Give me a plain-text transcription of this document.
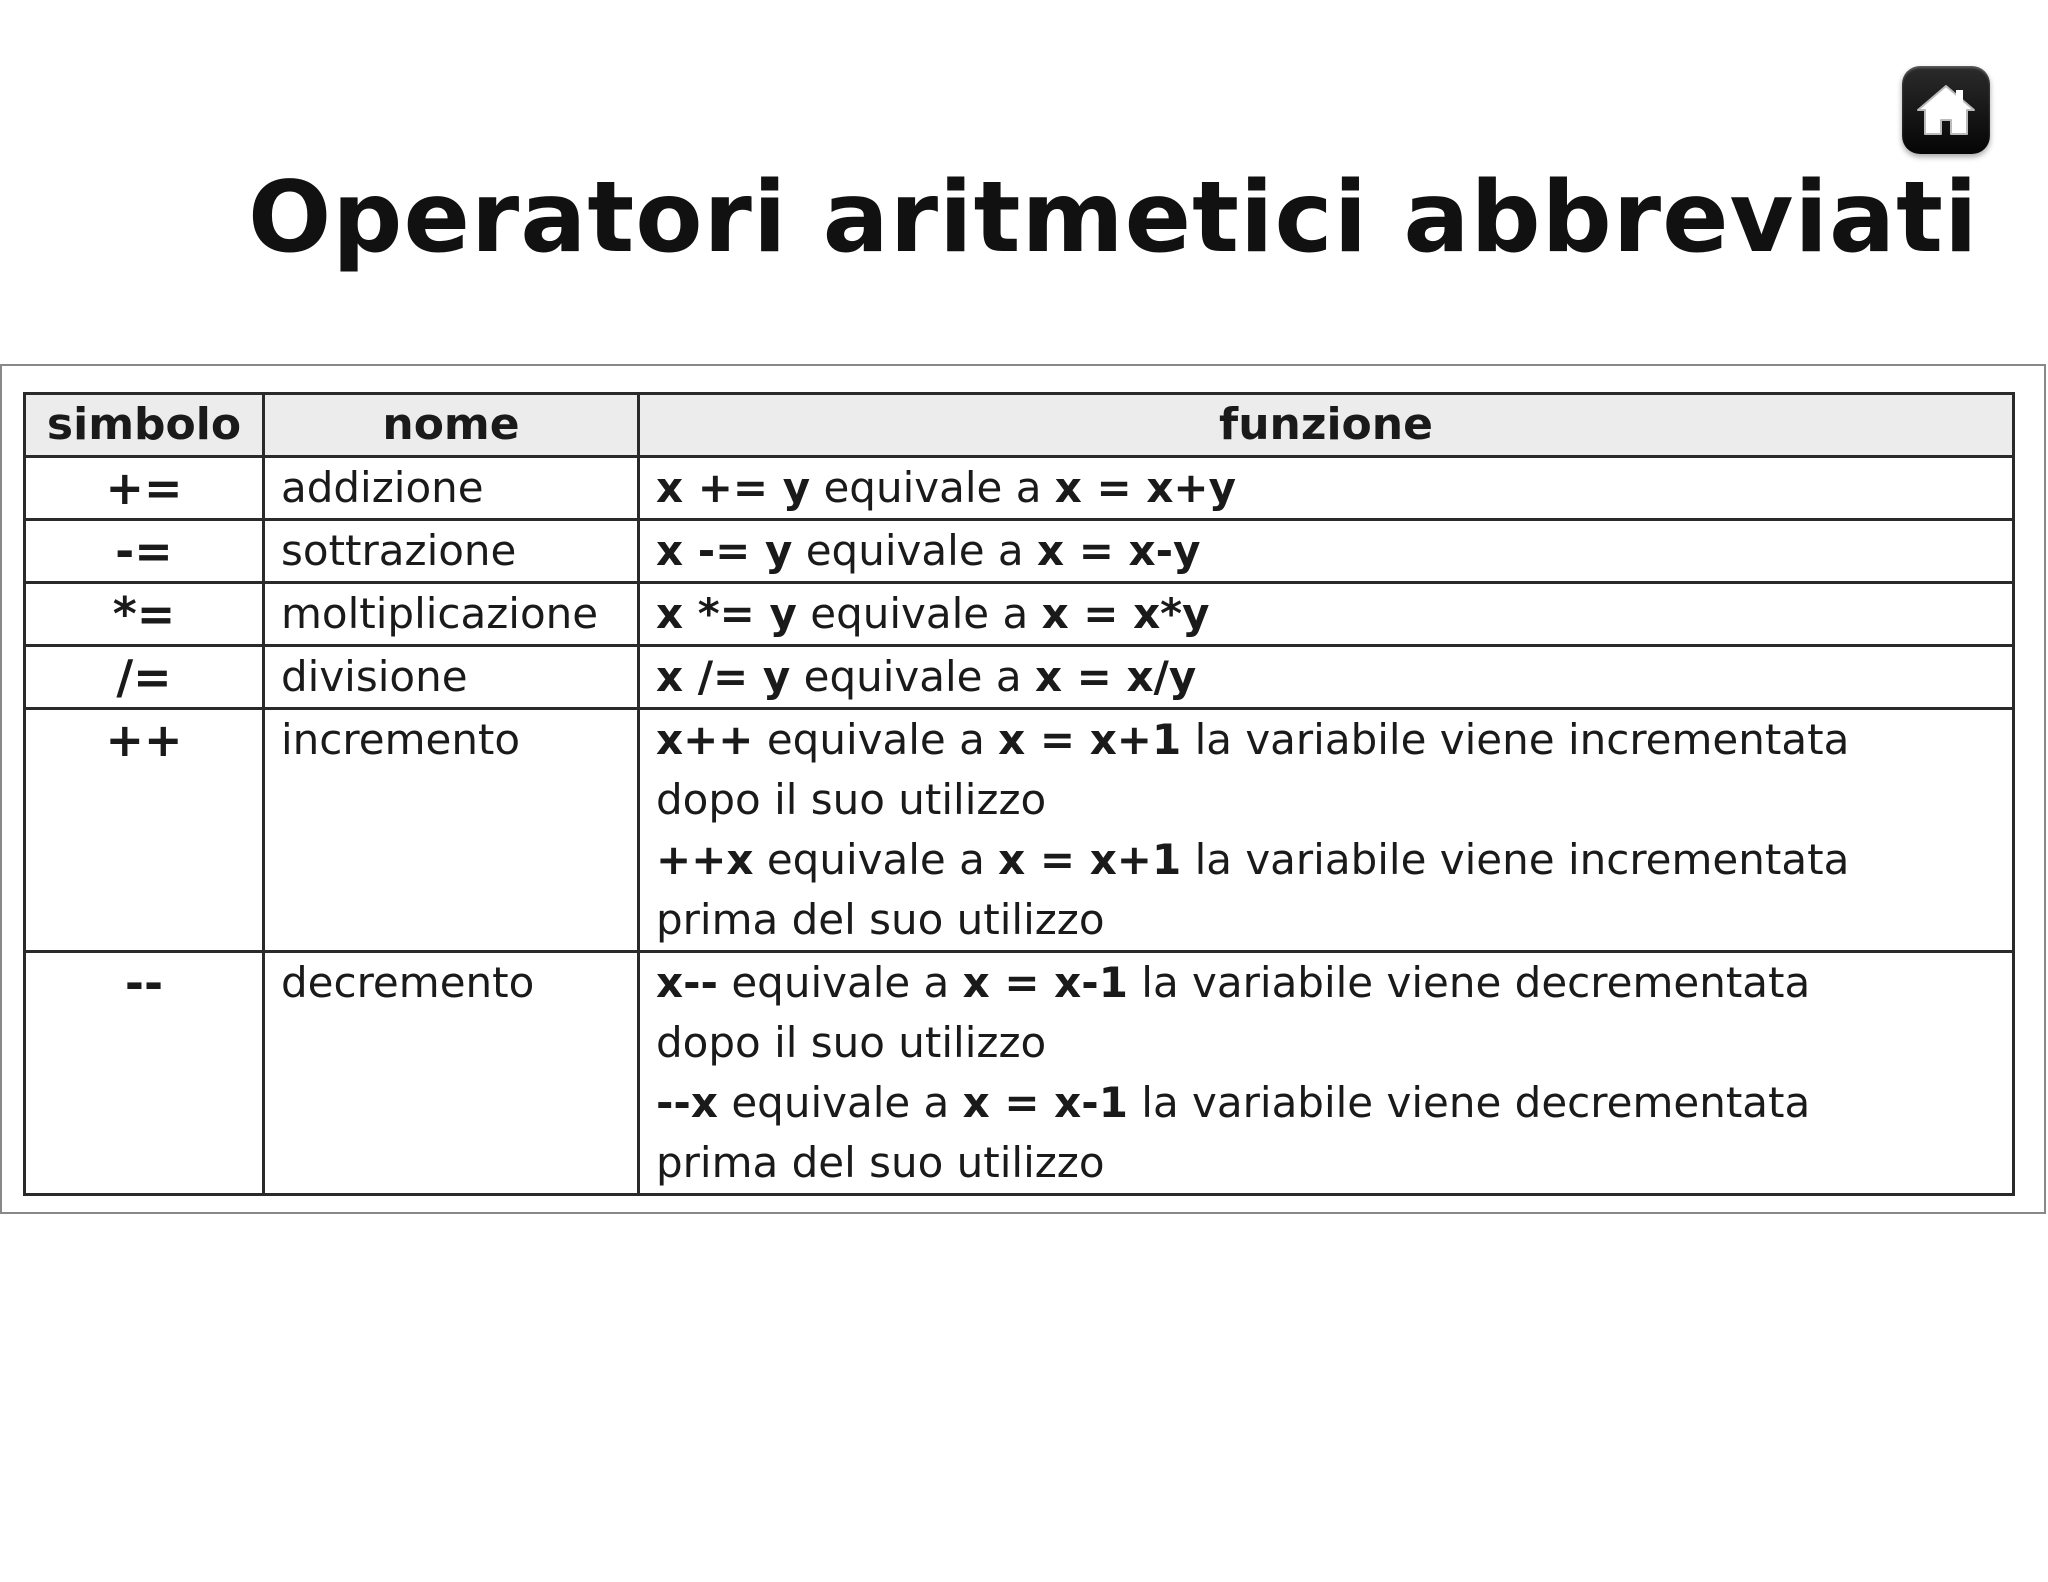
Operatori aritmetici abbreviati
simbolo	nome	funzione
+=	addizione	x += y equivale a x = x+y

-=	sottrazione	x -= y equivale a x = x-y

*=	moltiplicazione	x *= y equivale a x = x*y

/=	divisione	x /= y equivale a x = x/y

++	incremento	x++ equivale a x = x+1 la variabile viene incrementata
dopo il suo utilizzo
++x equivale a x = x+1 la variabile viene incrementata
prima del suo utilizzo

--	decremento	x-- equivale a x = x-1 la variabile viene decrementata
dopo il suo utilizzo
--x equivale a x = x-1 la variabile viene decrementata
prima del suo utilizzo
